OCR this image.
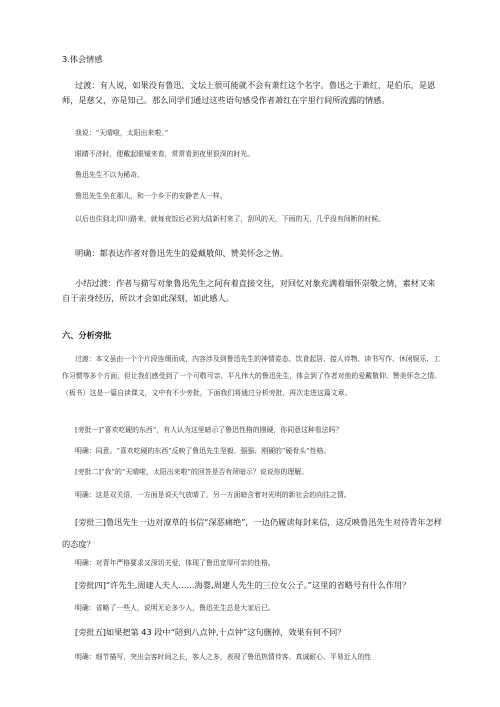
3.体会情感
过渡：有人说，如果没有鲁迅，文坛上很可能就不会有萧红这个名字。鲁迅之于萧红，是伯乐，是恩师，是慈父，亦是知己。那么同学们通过这些语句感受作者萧红在字里行间所流露的情感。
我说：“天晴啦，太阳出来啦。”
眼睛不济时，便戴起眼镜来看，常常看到夜里很深的时光。
鲁迅先生不以为稀奇。
鲁迅先生坐在那儿，和一个乡下的安静老人一样。
以后也住到北四川路来，就每夜饭后必到大陆新村来了，刮风的天，下雨的天，几乎没有间断的时候。
明确：都表达作者对鲁迅先生的爱戴敬仰、赞美怀念之情。
小结过渡：作者与描写对象鲁迅先生之间有着直接交往，对回忆对象充满着缅怀崇敬之情，素材又来自于亲身经历，所以才会如此深刻，如此感人。
六、分析旁批
过渡：本文虽由一个个片段连缀而成，内容涉及到鲁迅先生的神情姿态、饮食起居、接人待物、读书写作、休闲娱乐、工作习惯等多个方面，但让我们感受到了一个可敬可亲、平凡伟大的鲁迅先生，体会到了作者对他的爱戴敬仰、赞美怀念之情。（板书）这是一篇自读课文，文中有不少旁批，下面我们将通过分析旁批，再次走进这篇文章。
[旁批一]“喜欢吃硬的东西”，有人认为这里暗示了鲁迅性格的刚硬，你同意这种看法吗？
明确：同意。“喜欢吃硬的东西”反映了鲁迅先生坚毅、强强、刚硬的“硬骨头”性格。
[旁批二]“我”的“天晴啦，太阳出来啦”的回答是否有所暗示？说说你的理解。
明确：这是双关语，一方面是说天气放晴了，另一方面暗含着对光明的新社会的向往之情。
[旁批三]鲁迅先生一边对潦草的书信“深恶痛绝”，一边仍履读每封来信，这反映鲁迅先生对待青年怎样的态度？
明确：对青年严格要求又深切关爱，体现了鲁迅宽厚可亲的性格。
[旁批四]“许先生,周建人夫人……海婴,周建人先生的三位女公子。”这里的省略号有什么作用？
明确：省略了一些人，说明无论多少人，鲁迅先生总是大家后已。
[旁批五]如果把第 43 段中“陪到八点钟,十点钟”这句删掉，效果有何不同？
明确：细节描写，突出会客时间之长，客人之多，表现了鲁迅热情待客、真诚耐心、平易近人的性
